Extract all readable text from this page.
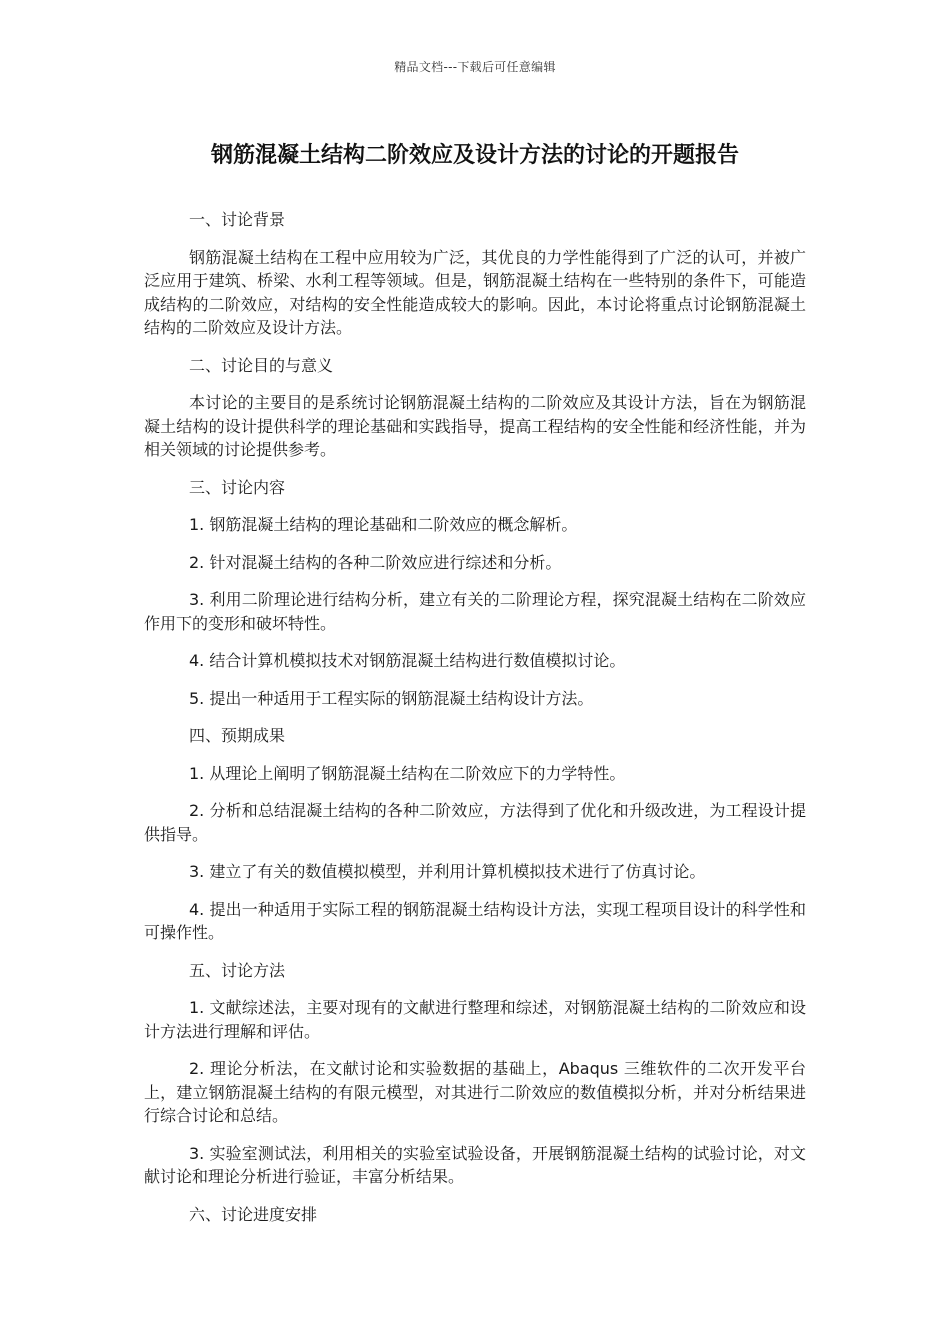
精品文档---下载后可任意编辑
钢筋混凝土结构二阶效应及设计方法的讨论的开题报告

一、讨论背景

钢筋混凝土结构在工程中应用较为广泛，其优良的力学性能得到了广泛的认可，并被广泛应用于建筑、桥梁、水利工程等领域。但是，钢筋混凝土结构在一些特别的条件下，可能造成结构的二阶效应，对结构的安全性能造成较大的影响。因此，本讨论将重点讨论钢筋混凝土结构的二阶效应及设计方法。

二、讨论目的与意义

本讨论的主要目的是系统讨论钢筋混凝土结构的二阶效应及其设计方法，旨在为钢筋混凝土结构的设计提供科学的理论基础和实践指导，提高工程结构的安全性能和经济性能，并为相关领域的讨论提供参考。

三、讨论内容

1. 钢筋混凝土结构的理论基础和二阶效应的概念解析。

2. 针对混凝土结构的各种二阶效应进行综述和分析。

3. 利用二阶理论进行结构分析，建立有关的二阶理论方程，探究混凝土结构在二阶效应作用下的变形和破坏特性。

4. 结合计算机模拟技术对钢筋混凝土结构进行数值模拟讨论。

5. 提出一种适用于工程实际的钢筋混凝土结构设计方法。

四、预期成果

1. 从理论上阐明了钢筋混凝土结构在二阶效应下的力学特性。

2. 分析和总结混凝土结构的各种二阶效应，方法得到了优化和升级改进，为工程设计提供指导。

3. 建立了有关的数值模拟模型，并利用计算机模拟技术进行了仿真讨论。

4. 提出一种适用于实际工程的钢筋混凝土结构设计方法，实现工程项目设计的科学性和可操作性。

五、讨论方法

1. 文献综述法，主要对现有的文献进行整理和综述，对钢筋混凝土结构的二阶效应和设计方法进行理解和评估。

2. 理论分析法，在文献讨论和实验数据的基础上，Abaqus 三维软件的二次开发平台上，建立钢筋混凝土结构的有限元模型，对其进行二阶效应的数值模拟分析，并对分析结果进行综合讨论和总结。

3. 实验室测试法，利用相关的实验室试验设备，开展钢筋混凝土结构的试验讨论，对文献讨论和理论分析进行验证，丰富分析结果。

六、讨论进度安排
